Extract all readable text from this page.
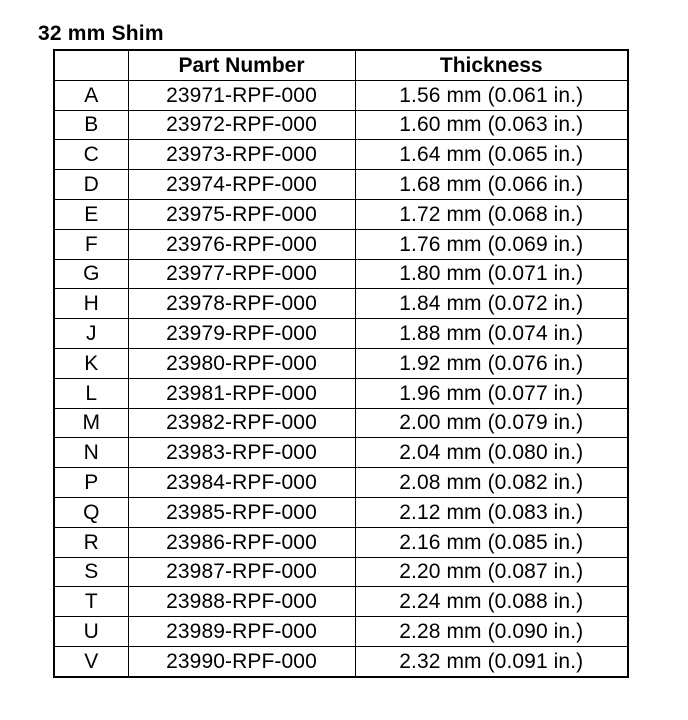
32 mm Shim
	Part Number	Thickness
A	23971-RPF-000	1.56 mm (0.061 in.)
B	23972-RPF-000	1.60 mm (0.063 in.)
C	23973-RPF-000	1.64 mm (0.065 in.)
D	23974-RPF-000	1.68 mm (0.066 in.)
E	23975-RPF-000	1.72 mm (0.068 in.)
F	23976-RPF-000	1.76 mm (0.069 in.)
G	23977-RPF-000	1.80 mm (0.071 in.)
H	23978-RPF-000	1.84 mm (0.072 in.)
J	23979-RPF-000	1.88 mm (0.074 in.)
K	23980-RPF-000	1.92 mm (0.076 in.)
L	23981-RPF-000	1.96 mm (0.077 in.)
M	23982-RPF-000	2.00 mm (0.079 in.)
N	23983-RPF-000	2.04 mm (0.080 in.)
P	23984-RPF-000	2.08 mm (0.082 in.)
Q	23985-RPF-000	2.12 mm (0.083 in.)
R	23986-RPF-000	2.16 mm (0.085 in.)
S	23987-RPF-000	2.20 mm (0.087 in.)
T	23988-RPF-000	2.24 mm (0.088 in.)
U	23989-RPF-000	2.28 mm (0.090 in.)
V	23990-RPF-000	2.32 mm (0.091 in.)
